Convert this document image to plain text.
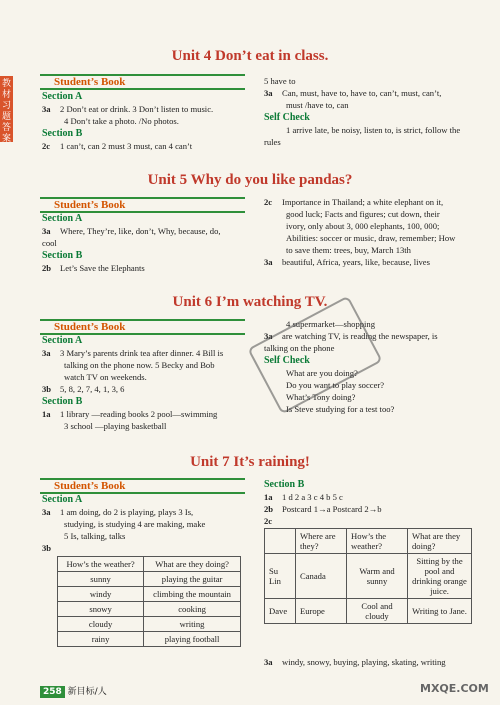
教材习题答案
Unit 4 Don’t eat in class.
Student’s Book
Section A
3a 2 Don’t eat or drink. 3 Don’t listen to music.
4 Don’t take a photo. /No photos.
Section B
2c 1 can’t, can 2 must 3 must, can 4 can’t
5 have to
3a Can, must, have to, have to, can’t, must, can’t,
must /have to, can
Self Check
1 arrive late, be noisy, listen to, is strict, follow the
rules
Unit 5 Why do you like pandas?
Student’s Book
Section A
3a Where, They’re, like, don’t, Why, because, do,
cool
Section B
2b Let’s Save the Elephants
2c Importance in Thailand; a white elephant on it,
good luck; Facts and figures; cut down, their
ivory, only about 3, 000 elephants, 100, 000;
Abilities: soccer or music, draw, remember; How
to save them: trees, buy, March 13th
3a beautiful, Africa, years, like, because, lives
Unit 6 I’m watching TV.
Student’s Book
Section A
3a 3 Mary’s parents drink tea after dinner. 4 Bill is
talking on the phone now. 5 Becky and Bob
watch TV on weekends.
3b 5, 8, 2, 7, 4, 1, 3, 6
Section B
1a 1 library —reading books 2 pool—swimming
3 school —playing basketball
4 supermarket—shopping
3a are watching TV, is reading the newspaper, is
talking on the phone
Self Check
What are you doing?
Do you want to play soccer?
What’s Tony doing?
Is Steve studying for a test too?
Unit 7 It’s raining!
Student’s Book
Section A
3a 1 am doing, do 2 is playing, plays 3 Is,
studying, is studying 4 are making, make
5 Is, talking, talks
3b
How’s the weather?	What are they doing?
sunny	playing the guitar
windy	climbing the mountain
snowy	cooking
cloudy	writing
rainy	playing football
Section B
1a 1 d 2 a 3 c 4 b 5 c
2b Postcard 1→a Postcard 2→b
2c
	Where are they?	How’s the weather?	What are they doing?
Su Lin	Canada	Warm and sunny	Sitting by the pool and drinking orange juice.
Dave	Europe	Cool and cloudy	Writing to Jane.
3a windy, snowy, buying, playing, skating, writing
258 新目标/人	MXQE.COM
